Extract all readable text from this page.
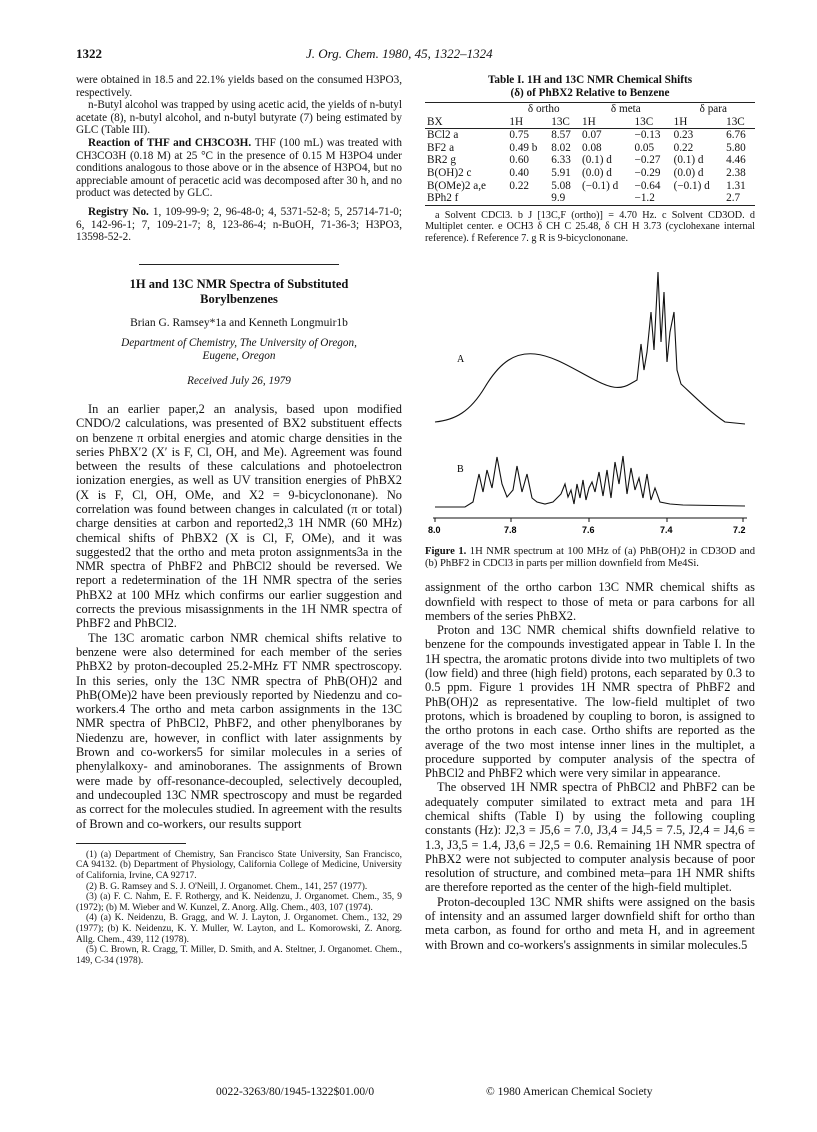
1322	J. Org. Chem. 1980, 45, 1322–1324

were obtained in 18.5 and 22.1% yields based on the consumed H3PO3, respectively.

n-Butyl alcohol was trapped by using acetic acid, the yields of n-butyl acetate (8), n-butyl alcohol, and n-butyl butyrate (7) being estimated by GLC (Table III).

Reaction of THF and CH3CO3H. THF (100 mL) was treated with CH3CO3H (0.18 M) at 25 °C in the presence of 0.15 M H3PO4 under conditions analogous to those above or in the absence of H3PO4, but no appreciable amount of peracetic acid was decomposed after 30 h, and no product was detected by GLC.

Registry No. 1, 109-99-9; 2, 96-48-0; 4, 5371-52-8; 5, 25714-71-0; 6, 142-96-1; 7, 109-21-7; 8, 123-86-4; n-BuOH, 71-36-3; H3PO3, 13598-52-2.

1H and 13C NMR Spectra of Substituted
Borylbenzenes
Brian G. Ramsey*1a and Kenneth Longmuir1b
Department of Chemistry, The University of Oregon,
Eugene, Oregon
Received July 26, 1979

In an earlier paper,2 an analysis, based upon modified CNDO/2 calculations, was presented of BX2 substituent effects on benzene π orbital energies and atomic charge densities in the series PhBX′2 (X′ is F, Cl, OH, and Me). Agreement was found between the results of these calculations and photoelectron ionization energies, as well as UV transition energies of PhBX2 (X is F, Cl, OH, OMe, and X2 = 9-bicyclononane). No correlation was found between changes in calculated (π or total) charge densities at carbon and reported2,3 1H NMR (60 MHz) chemical shifts of PhBX2 (X is Cl, F, OMe), and it was suggested2 that the ortho and meta proton assignments3a in the NMR spectra of PhBF2 and PhBCl2 should be reversed. We report a redetermination of the 1H NMR spectra of the series PhBX2 at 100 MHz which confirms our earlier suggestion and corrects the previous misassignments in the 1H NMR spectra of PhBF2 and PhBCl2.

The 13C aromatic carbon NMR chemical shifts relative to benzene were also determined for each member of the series PhBX2 by proton-decoupled 25.2-MHz FT NMR spectroscopy. In this series, only the 13C NMR spectra of PhB(OH)2 and PhB(OMe)2 have been previously reported by Niedenzu and co-workers.4 The ortho and meta carbon assignments in the 13C NMR spectra of PhBCl2, PhBF2, and other phenylboranes by Niedenzu are, however, in conflict with later assignments by Brown and co-workers5 for similar molecules in a series of phenylalkoxy- and aminoboranes. The assignments of Brown were made by off-resonance-decoupled, selectively decoupled, and undecoupled 13C NMR spectroscopy and must be regarded as correct for the molecules studied. In agreement with the results of Brown and co-workers, our results support

(1) (a) Department of Chemistry, San Francisco State University, San Francisco, CA 94132. (b) Department of Physiology, California College of Medicine, University of California, Irvine, CA 92717.

(2) B. G. Ramsey and S. J. O'Neill, J. Organomet. Chem., 141, 257 (1977).

(3) (a) F. C. Nahm, E. F. Rothergy, and K. Neidenzu, J. Organomet. Chem., 35, 9 (1972); (b) M. Wieber and W. Kunzel, Z. Anorg. Allg. Chem., 403, 107 (1974).

(4) (a) K. Neidenzu, B. Gragg, and W. J. Layton, J. Organomet. Chem., 132, 29 (1977); (b) K. Neidenzu, K. Y. Muller, W. Layton, and L. Komorowski, Z. Anorg. Allg. Chem., 439, 112 (1978).

(5) C. Brown, R. Cragg, T. Miller, D. Smith, and A. Steltner, J. Organomet. Chem., 149, C-34 (1978).

Table I. 1H and 13C NMR Chemical Shifts
(δ) of PhBX2 Relative to Benzene
	δ ortho		δ meta		δ para	
BX	1H	13C	1H	13C	1H	13C
BCl2 a	0.75	8.57	0.07	−0.13	0.23	6.76
BF2 a	0.49 b	8.02	0.08	0.05	0.22	5.80
BR2 g	0.60	6.33	(0.1) d	−0.27	(0.1) d	4.46
B(OH)2 c	0.40	5.91	(0.0) d	−0.29	(0.0) d	2.38
B(OMe)2 a,e	0.22	5.08	(−0.1) d	−0.64	(−0.1) d	1.31
BPh2 f		9.9		−1.2		2.7

a Solvent CDCl3. b J [13C,F (ortho)] = 4.70 Hz. c Solvent CD3OD. d Multiplet center. e OCH3 δ CH C 25.48, δ CH H 3.73 (cyclohexane internal reference). f Reference 7. g R is 9-bicyclononane.

A
B
8.0	7.8	7.6	7.4	7.2

Figure 1. 1H NMR spectrum at 100 MHz of (a) PhB(OH)2 in CD3OD and (b) PhBF2 in CDCl3 in parts per million downfield from Me4Si.

assignment of the ortho carbon 13C NMR chemical shifts as downfield with respect to those of meta or para carbons for all members of the series PhBX2.

Proton and 13C NMR chemical shifts downfield relative to benzene for the compounds investigated appear in Table I. In the 1H spectra, the aromatic protons divide into two multiplets of two (low field) and three (high field) protons, each separated by 0.3 to 0.5 ppm. Figure 1 provides 1H NMR spectra of PhBF2 and PhB(OH)2 as representative. The low-field multiplet of two protons, which is broadened by coupling to boron, is assigned to the ortho protons in each case. Ortho shifts are reported as the average of the two most intense inner lines in the multiplet, a procedure supported by computer analysis of the spectra of PhBCl2 and PhBF2 which were very similar in appearance.

The observed 1H NMR spectra of PhBCl2 and PhBF2 can be adequately computer similated to extract meta and para 1H chemical shifts (Table I) by using the following coupling constants (Hz): J2,3 = J5,6 = 7.0, J3,4 = J4,5 = 7.5, J2,4 = J4,6 = 1.3, J3,5 = 1.4, J3,6 = J2,5 = 0.6. Remaining 1H NMR spectra of PhBX2 were not subjected to computer analysis because of poor resolution of structure, and combined meta–para 1H NMR shifts are therefore reported as the center of the high-field multiplet.

Proton-decoupled 13C NMR shifts were assigned on the basis of intensity and an assumed larger downfield shift for ortho than meta carbon, as found for ortho and meta H, and in agreement with Brown and co-workers's assignments in similar molecules.5

0022-3263/80/1945-1322$01.00/0	© 1980 American Chemical Society
